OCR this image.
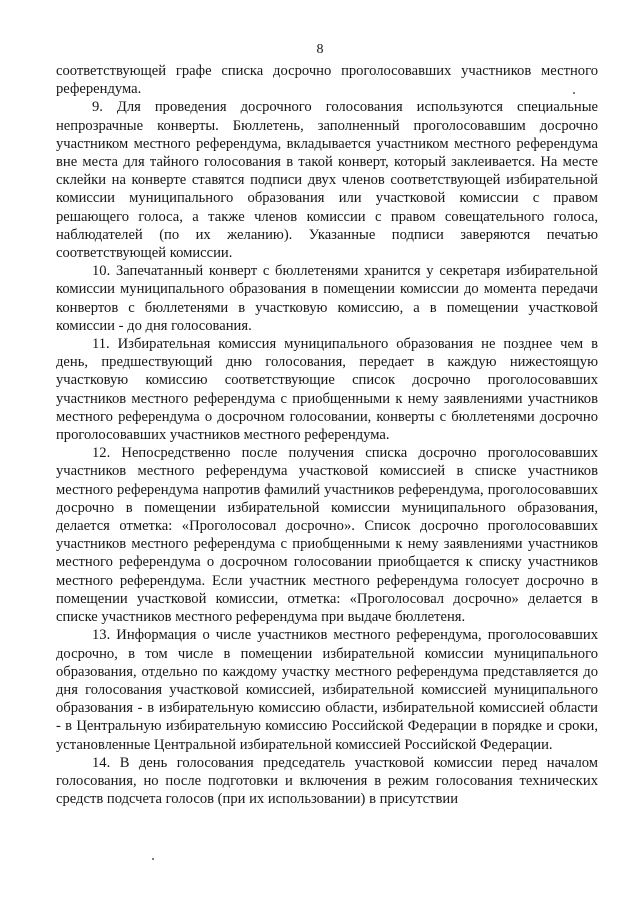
8

соответствующей графе списка досрочно проголосовавших участников местного референдума.

9. Для проведения досрочного голосования используются специальные непрозрачные конверты. Бюллетень, заполненный проголосовавшим досрочно участником местного референдума, вкладывается участником местного референдума вне места для тайного голосования в такой конверт, который заклеивается. На месте склейки на конверте ставятся подписи двух членов соответствующей избирательной комиссии муниципального образования или участковой комиссии с правом решающего голоса, а также членов комиссии с правом совещательного голоса, наблюдателей (по их желанию). Указанные подписи заверяются печатью соответствующей комиссии.

10. Запечатанный конверт с бюллетенями хранится у секретаря избирательной комиссии муниципального образования в помещении комиссии до момента передачи конвертов с бюллетенями в участковую комиссию, а в помещении участковой комиссии - до дня голосования.

11. Избирательная комиссия муниципального образования не позднее чем в день, предшествующий дню голосования, передает в каждую нижестоящую участковую комиссию соответствующие список досрочно проголосовавших участников местного референдума с приобщенными к нему заявлениями участников местного референдума о досрочном голосовании, конверты с бюллетенями досрочно проголосовавших участников местного референдума.

12. Непосредственно после получения списка досрочно проголосовавших участников местного референдума участковой комиссией в списке участников местного референдума напротив фамилий участников референдума, проголосовавших досрочно в помещении избирательной комиссии муниципального образования, делается отметка: «Проголосовал досрочно». Список досрочно проголосовавших участников местного референдума с приобщенными к нему заявлениями участников местного референдума о досрочном голосовании приобщается к списку участников местного референдума. Если участник местного референдума голосует досрочно в помещении участковой комиссии, отметка: «Проголосовал досрочно» делается в списке участников местного референдума при выдаче бюллетеня.

13. Информация о числе участников местного референдума, проголосовавших досрочно, в том числе в помещении избирательной комиссии муниципального образования, отдельно по каждому участку местного референдума представляется до дня голосования участковой комиссией, избирательной комиссией муниципального образования - в избирательную комиссию области, избирательной комиссией области - в Центральную избирательную комиссию Российской Федерации в порядке и сроки, установленные Центральной избирательной комиссией Российской Федерации.

14. В день голосования председатель участковой комиссии перед началом голосования, но после подготовки и включения в режим голосования технических средств подсчета голосов (при их использовании) в присутствии
